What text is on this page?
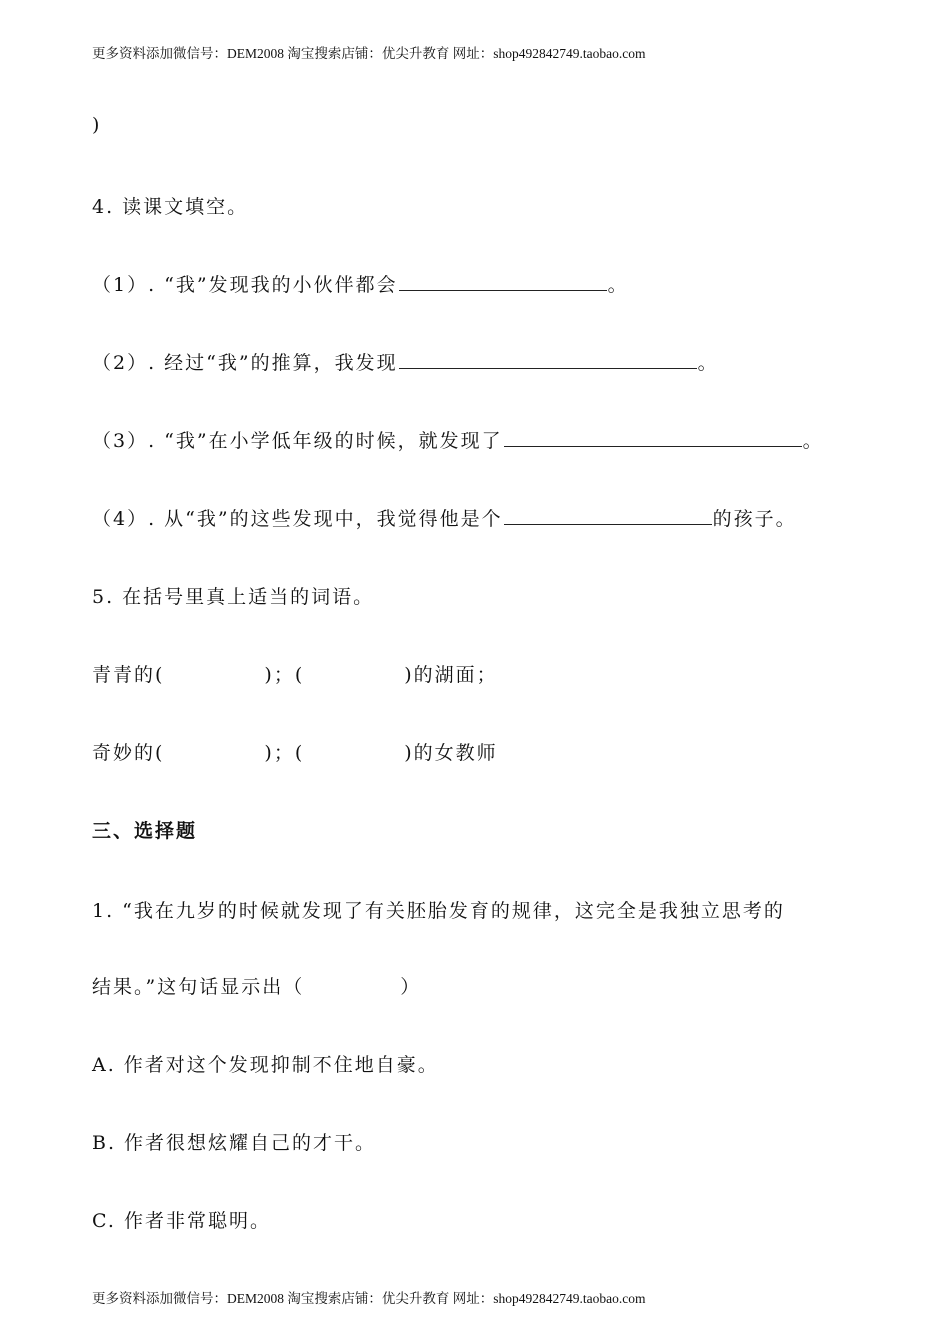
更多资料添加微信号：DEM2008 淘宝搜索店铺：优尖升教育 网址：shop492842749.taobao.com
)
4. 读课文填空。
（1）. “我”发现我的小伙伴都会	。
（2）. 经过“我”的推算，我发现	。
（3）. “我”在小学低年级的时候，就发现了	。
（4）. 从“我”的这些发现中，我觉得他是个	的孩子。
5. 在括号里真上适当的词语。
青青的(	)；(	)的湖面；
奇妙的(	)；(	)的女教师
三、选择题
1. “我在九岁的时候就发现了有关胚胎发育的规律，这完全是我独立思考的
结果。”这句话显示出（	）
A. 作者对这个发现抑制不住地自豪。
B. 作者很想炫耀自己的才干。
C. 作者非常聪明。
更多资料添加微信号：DEM2008 淘宝搜索店铺：优尖升教育 网址：shop492842749.taobao.com
